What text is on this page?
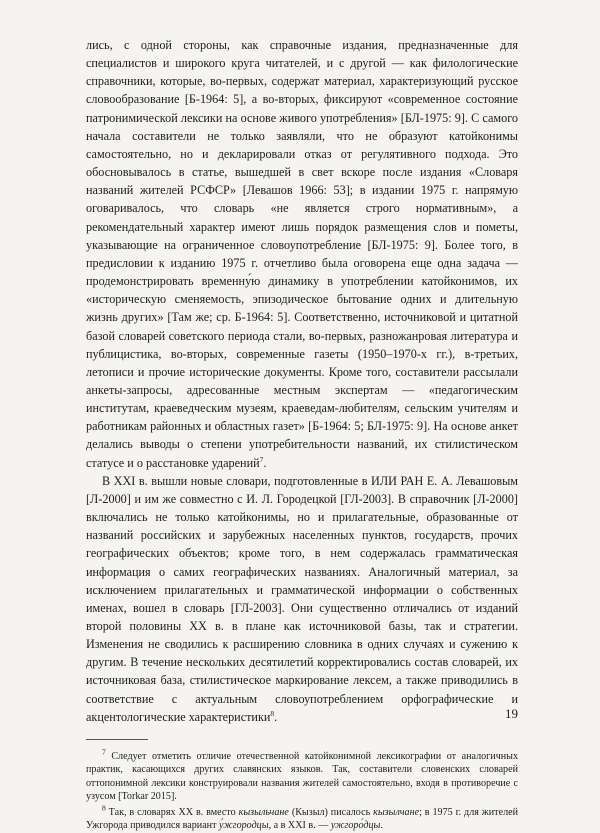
лись, с одной стороны, как справочные издания, предназначенные для специалистов и широкого круга читателей, и с другой — как филологические справочники, которые, во-первых, содержат материал, характеризующий русское словообразование [Б-1964: 5], а во-вторых, фиксируют «современное состояние патронимической лексики на основе живого употребления» [БЛ-1975: 9]. С самого начала составители не только заявляли, что не образуют катойконимы самостоятельно, но и декларировали отказ от регулятивного подхода. Это обосновывалось в статье, вышедшей в свет вскоре после издания «Словаря названий жителей РСФСР» [Левашов 1966: 53]; в издании 1975 г. напрямую оговаривалось, что словарь «не является строго нормативным», а рекомендательный характер имеют лишь порядок размещения слов и пометы, указывающие на ограниченное словоупотребление [БЛ-1975: 9]. Более того, в предисловии к изданию 1975 г. отчетливо была оговорена еще одна задача — продемонстрировать временну́ю динамику в употреблении катойконимов, их «историческую сменяемость, эпизодическое бытование одних и длительную жизнь других» [Там же; ср. Б-1964: 5]. Соответственно, источниковой и цитатной базой словарей советского периода стали, во-первых, разножанровая литература и публицистика, во-вторых, современные газеты (1950–1970-х гг.), в-третьих, летописи и прочие исторические документы. Кроме того, составители рассылали анкеты-запросы, адресованные местным экспертам — «педагогическим институтам, краеведческим музеям, краеведам-любителям, сельским учителям и работникам районных и областных газет» [Б-1964: 5; БЛ-1975: 9]. На основе анкет делались выводы о степени употребительности названий, их стилистическом статусе и о расстановке ударений$^7$.

В XXI в. вышли новые словари, подготовленные в ИЛИ РАН Е. А. Левашовым [Л-2000] и им же совместно с И. Л. Городецкой [ГЛ-2003]. В справочник [Л-2000] включались не только катойконимы, но и прилагательные, образованные от названий российских и зарубежных населенных пунктов, государств, прочих географических объектов; кроме того, в нем содержалась грамматическая информация о самих географических названиях. Аналогичный материал, за исключением прилагательных и грамматической информации о собственных именах, вошел в словарь [ГЛ-2003]. Они существенно отличались от изданий второй половины XX в. в плане как источниковой базы, так и стратегии. Изменения не сводились к расширению словника в одних случаях и сужению к другим. В течение нескольких десятилетий корректировались состав словарей, их источниковая база, стилистическое маркирование лексем, а также приводились в соответствие с актуальным словоупотреблением орфографические и акцентологические характеристики$^8$.

$^7$ Следует отметить отличие отечественной катойконимной лексикографии от аналогичных практик, касающихся других славянских языков. Так, составители словенских словарей оттопонимной лексики конструировали названия жителей самостоятельно, входя в противоречие с узусом [Torkar 2015].

$^8$ Так, в словарях XX в. вместо кызыльчане (Кызыл) писалось кызылчане; в 1975 г. для жителей Ужгорода приводился вариант у́жгородцы, а в XXI в. — ужгоро́дцы.

19
